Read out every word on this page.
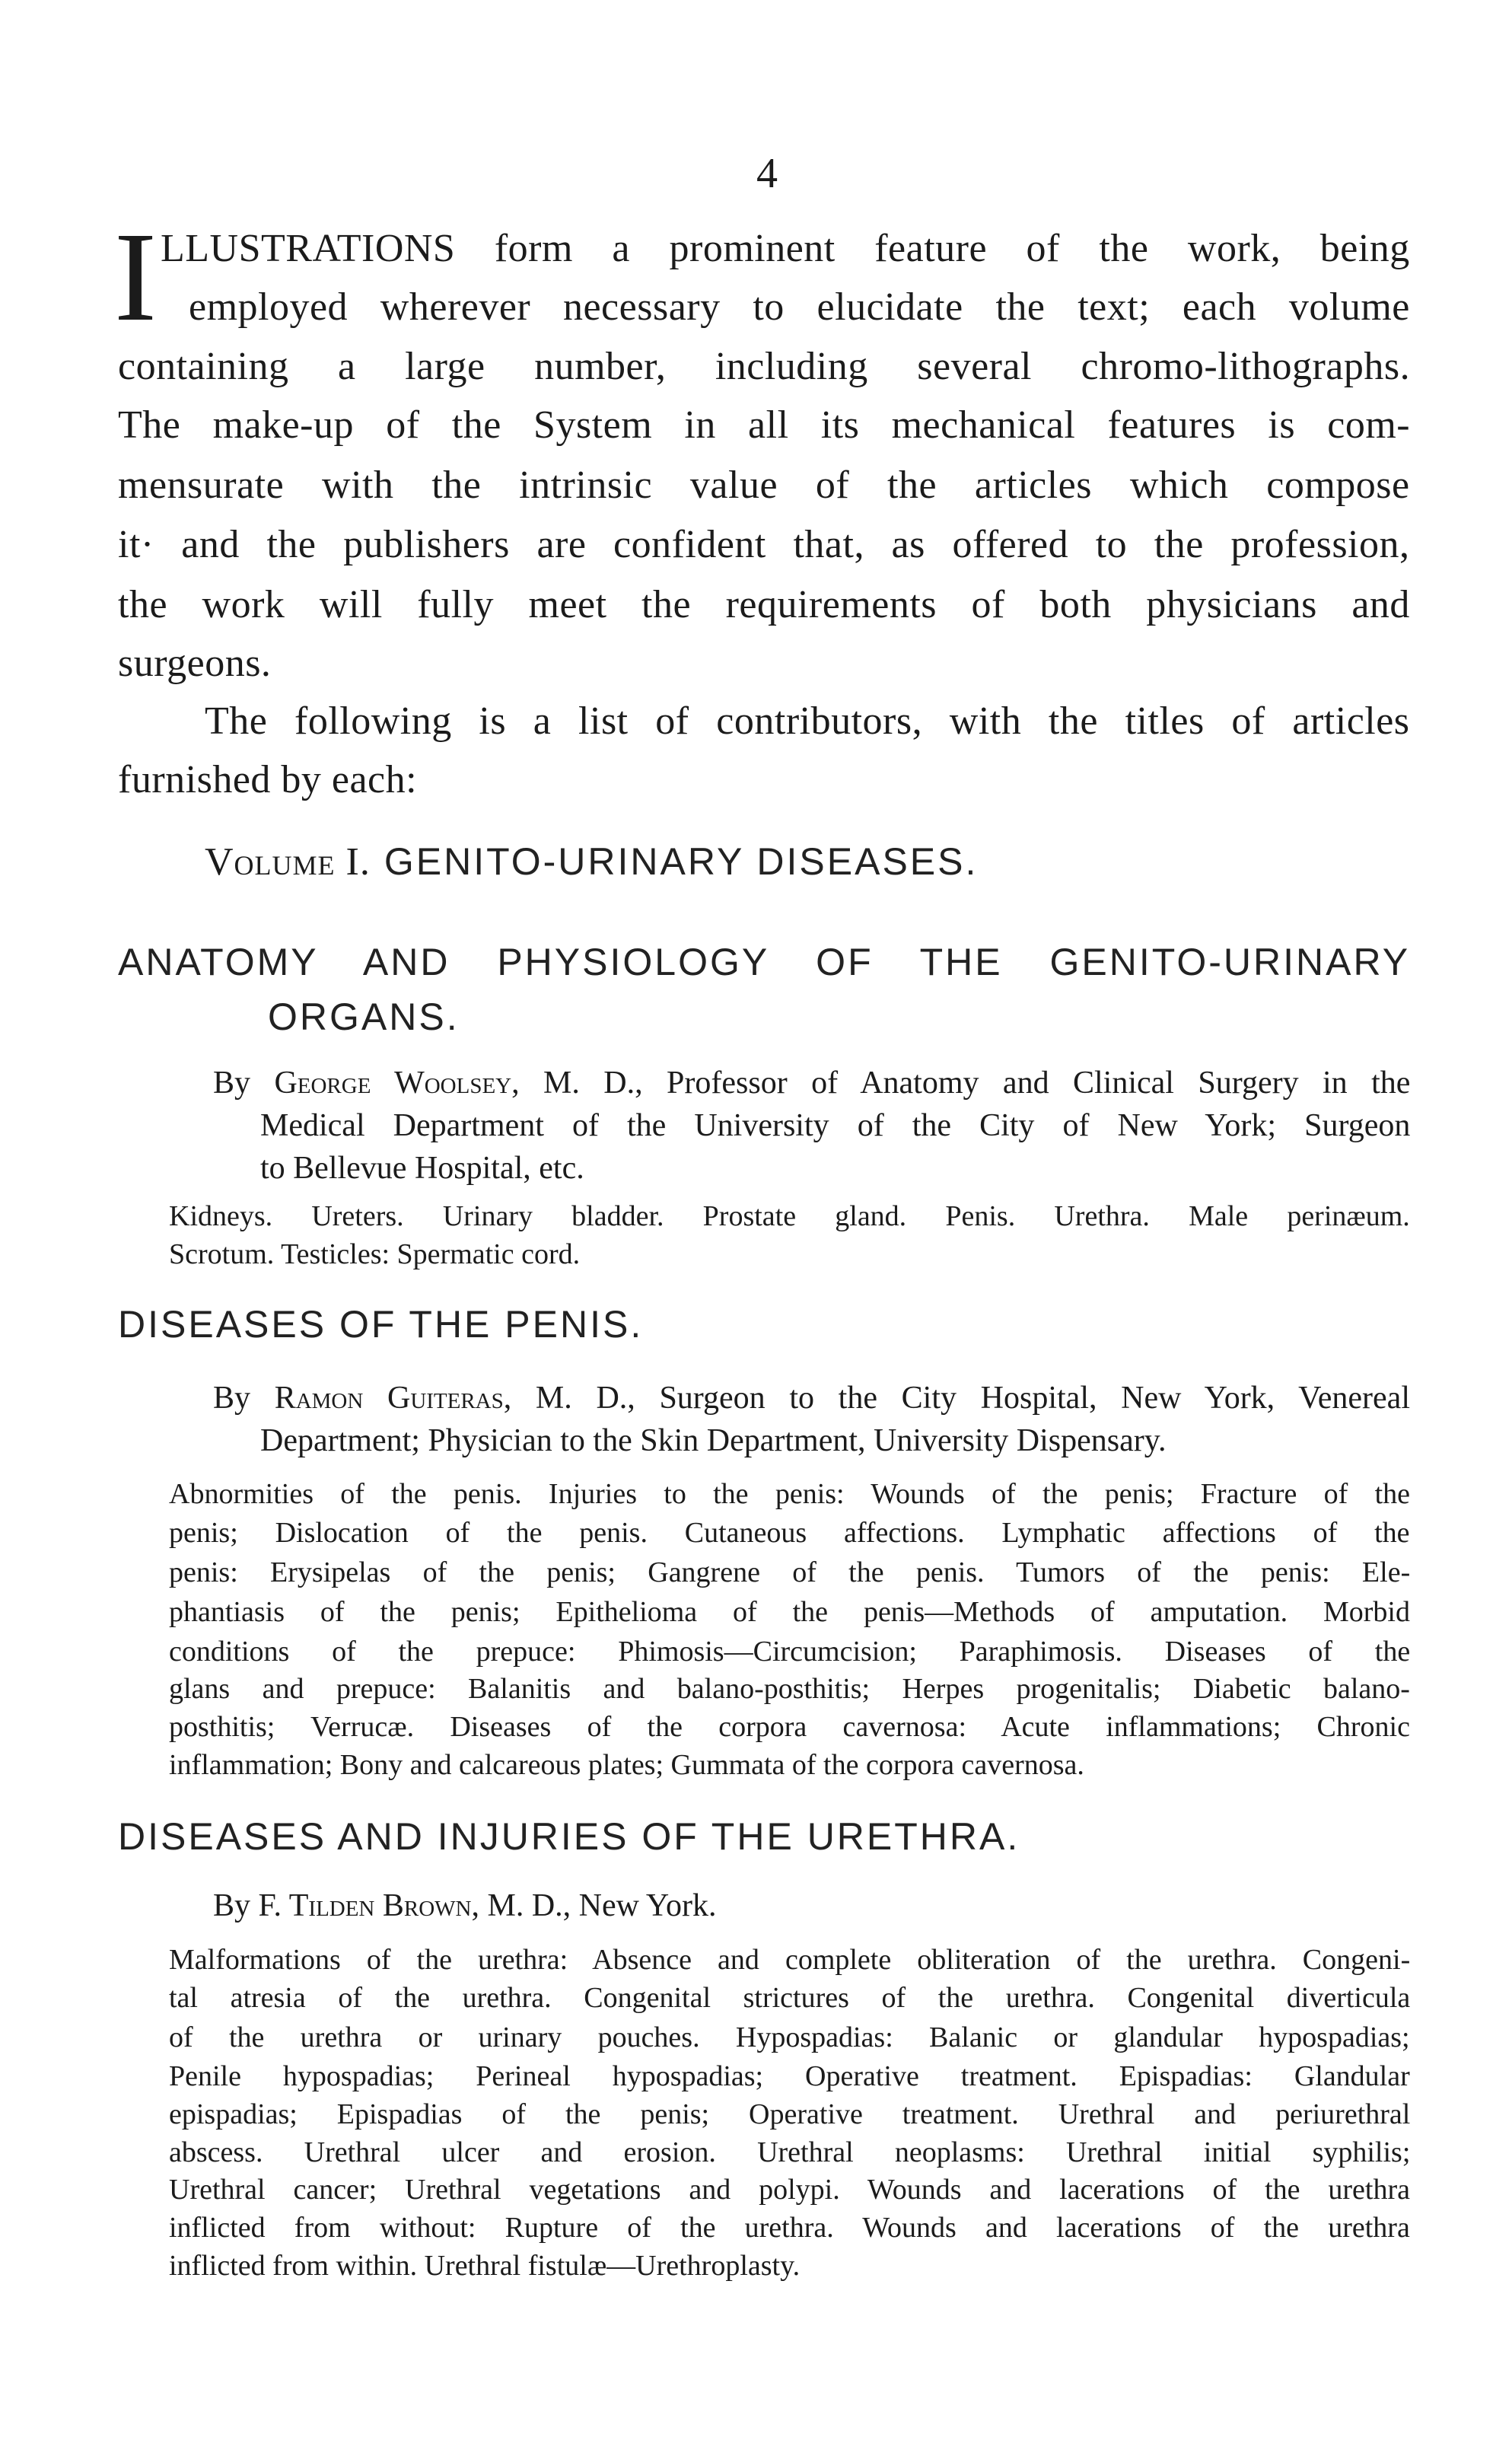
4
I LLUSTRATIONS form a prominent feature of the work, being
employed wherever necessary to elucidate the text; each volume
containing a large number, including several chromo-lithographs.
The make-up of the System in all its mechanical features is com-
mensurate with the intrinsic value of the articles which compose
it· and the publishers are confident that, as offered to the profession,
the work will fully meet the requirements of both physicians and
surgeons.
The following is a list of contributors, with the titles of articles
furnished by each:
Volume I. GENITO-URINARY DISEASES.
ANATOMY AND PHYSIOLOGY OF THE GENITO-URINARY
ORGANS.
By George Woolsey, M. D., Professor of Anatomy and Clinical Surgery in the
Medical Department of the University of the City of New York; Surgeon
to Bellevue Hospital, etc.
Kidneys. Ureters. Urinary bladder. Prostate gland. Penis. Urethra. Male perinæum.
Scrotum. Testicles: Spermatic cord.
DISEASES OF THE PENIS.
By Ramon Guiteras, M. D., Surgeon to the City Hospital, New York, Venereal
Department; Physician to the Skin Department, University Dispensary.
Abnormities of the penis. Injuries to the penis: Wounds of the penis; Fracture of the
penis; Dislocation of the penis. Cutaneous affections. Lymphatic affections of the
penis: Erysipelas of the penis; Gangrene of the penis. Tumors of the penis: Ele-
phantiasis of the penis; Epithelioma of the penis—Methods of amputation. Morbid
conditions of the prepuce: Phimosis—Circumcision; Paraphimosis. Diseases of the
glans and prepuce: Balanitis and balano-posthitis; Herpes progenitalis; Diabetic balano-
posthitis; Verrucæ. Diseases of the corpora cavernosa: Acute inflammations; Chronic
inflammation; Bony and calcareous plates; Gummata of the corpora cavernosa.
DISEASES AND INJURIES OF THE URETHRA.
By F. Tilden Brown, M. D., New York.
Malformations of the urethra: Absence and complete obliteration of the urethra. Congeni-
tal atresia of the urethra. Congenital strictures of the urethra. Congenital diverticula
of the urethra or urinary pouches. Hypospadias: Balanic or glandular hypospadias;
Penile hypospadias; Perineal hypospadias; Operative treatment. Epispadias: Glandular
epispadias; Epispadias of the penis; Operative treatment. Urethral and periurethral
abscess. Urethral ulcer and erosion. Urethral neoplasms: Urethral initial syphilis;
Urethral cancer; Urethral vegetations and polypi. Wounds and lacerations of the urethra
inflicted from without: Rupture of the urethra. Wounds and lacerations of the urethra
inflicted from within. Urethral fistulæ—Urethroplasty.
